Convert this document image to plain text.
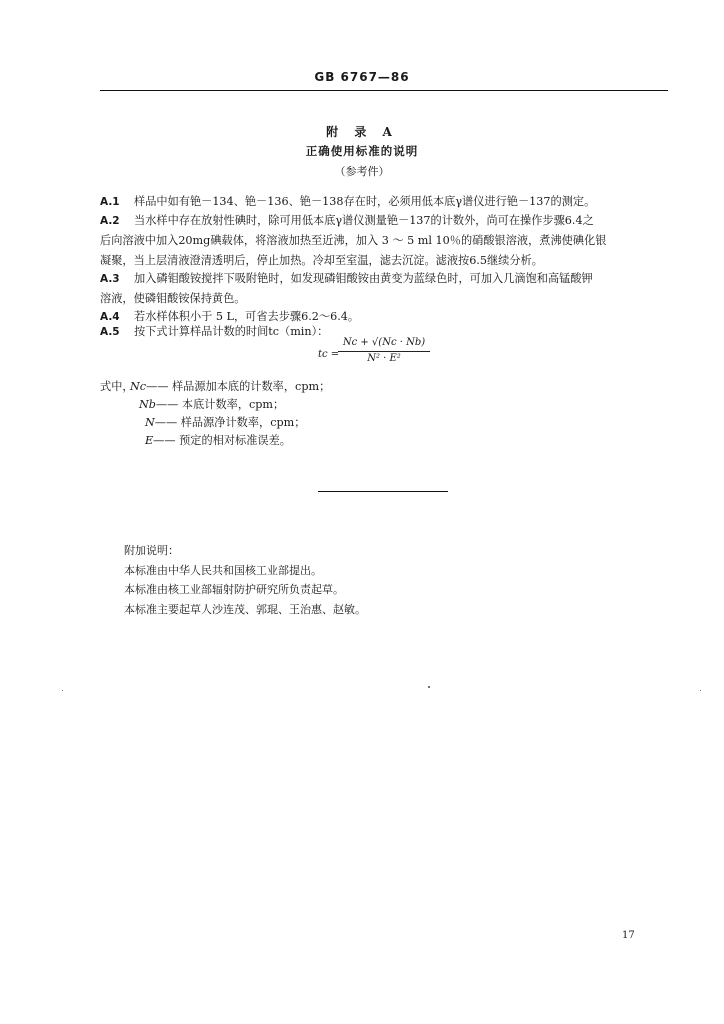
GB 6767—86
附 录 A
正确使用标准的说明
（参考件）
A.1 样品中如有铯－134、铯－136、铯－138存在时，必须用低本底γ谱仪进行铯－137的测定。
A.2 当水样中存在放射性碘时，除可用低本底γ谱仪测量铯－137的计数外，尚可在操作步骤6.4之
后向溶液中加入20mg碘载体，将溶液加热至近沸，加入 3 ～ 5 ml 10％的硝酸银溶液，煮沸使碘化银
凝聚，当上层清液澄清透明后，停止加热。冷却至室温，滤去沉淀。滤液按6.5继续分析。
A.3 加入磷钼酸铵搅拌下吸附铯时，如发现磷钼酸铵由黄变为蓝绿色时，可加入几滴饱和高锰酸钾
溶液，使磷钼酸铵保持黄色。
A.4 若水样体积小于 5 L，可省去步骤6.2～6.4。
A.5 按下式计算样品计数的时间tc（min）：
tc =
Nc + √(Nc · Nb)
N² · E²
式中，Nc—— 样品源加本底的计数率，cpm；
Nb—— 本底计数率，cpm；
N—— 样品源净计数率，cpm；
E—— 预定的相对标准误差。
附加说明：
本标准由中华人民共和国核工业部提出。
本标准由核工业部辐射防护研究所负责起草。
本标准主要起草人沙连茂、郭琨、王治惠、赵敏。
17
